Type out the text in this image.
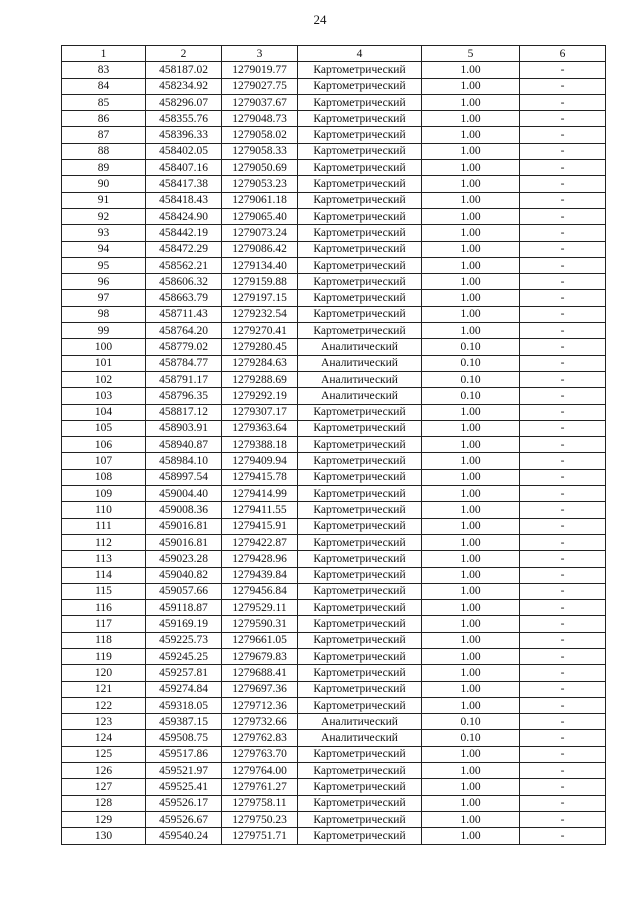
24
1	2	3	4	5	6
83	458187.02	1279019.77	Картометрический	1.00	-
84	458234.92	1279027.75	Картометрический	1.00	-
85	458296.07	1279037.67	Картометрический	1.00	-
86	458355.76	1279048.73	Картометрический	1.00	-
87	458396.33	1279058.02	Картометрический	1.00	-
88	458402.05	1279058.33	Картометрический	1.00	-
89	458407.16	1279050.69	Картометрический	1.00	-
90	458417.38	1279053.23	Картометрический	1.00	-
91	458418.43	1279061.18	Картометрический	1.00	-
92	458424.90	1279065.40	Картометрический	1.00	-
93	458442.19	1279073.24	Картометрический	1.00	-
94	458472.29	1279086.42	Картометрический	1.00	-
95	458562.21	1279134.40	Картометрический	1.00	-
96	458606.32	1279159.88	Картометрический	1.00	-
97	458663.79	1279197.15	Картометрический	1.00	-
98	458711.43	1279232.54	Картометрический	1.00	-
99	458764.20	1279270.41	Картометрический	1.00	-
100	458779.02	1279280.45	Аналитический	0.10	-
101	458784.77	1279284.63	Аналитический	0.10	-
102	458791.17	1279288.69	Аналитический	0.10	-
103	458796.35	1279292.19	Аналитический	0.10	-
104	458817.12	1279307.17	Картометрический	1.00	-
105	458903.91	1279363.64	Картометрический	1.00	-
106	458940.87	1279388.18	Картометрический	1.00	-
107	458984.10	1279409.94	Картометрический	1.00	-
108	458997.54	1279415.78	Картометрический	1.00	-
109	459004.40	1279414.99	Картометрический	1.00	-
110	459008.36	1279411.55	Картометрический	1.00	-
111	459016.81	1279415.91	Картометрический	1.00	-
112	459016.81	1279422.87	Картометрический	1.00	-
113	459023.28	1279428.96	Картометрический	1.00	-
114	459040.82	1279439.84	Картометрический	1.00	-
115	459057.66	1279456.84	Картометрический	1.00	-
116	459118.87	1279529.11	Картометрический	1.00	-
117	459169.19	1279590.31	Картометрический	1.00	-
118	459225.73	1279661.05	Картометрический	1.00	-
119	459245.25	1279679.83	Картометрический	1.00	-
120	459257.81	1279688.41	Картометрический	1.00	-
121	459274.84	1279697.36	Картометрический	1.00	-
122	459318.05	1279712.36	Картометрический	1.00	-
123	459387.15	1279732.66	Аналитический	0.10	-
124	459508.75	1279762.83	Аналитический	0.10	-
125	459517.86	1279763.70	Картометрический	1.00	-
126	459521.97	1279764.00	Картометрический	1.00	-
127	459525.41	1279761.27	Картометрический	1.00	-
128	459526.17	1279758.11	Картометрический	1.00	-
129	459526.67	1279750.23	Картометрический	1.00	-
130	459540.24	1279751.71	Картометрический	1.00	-
